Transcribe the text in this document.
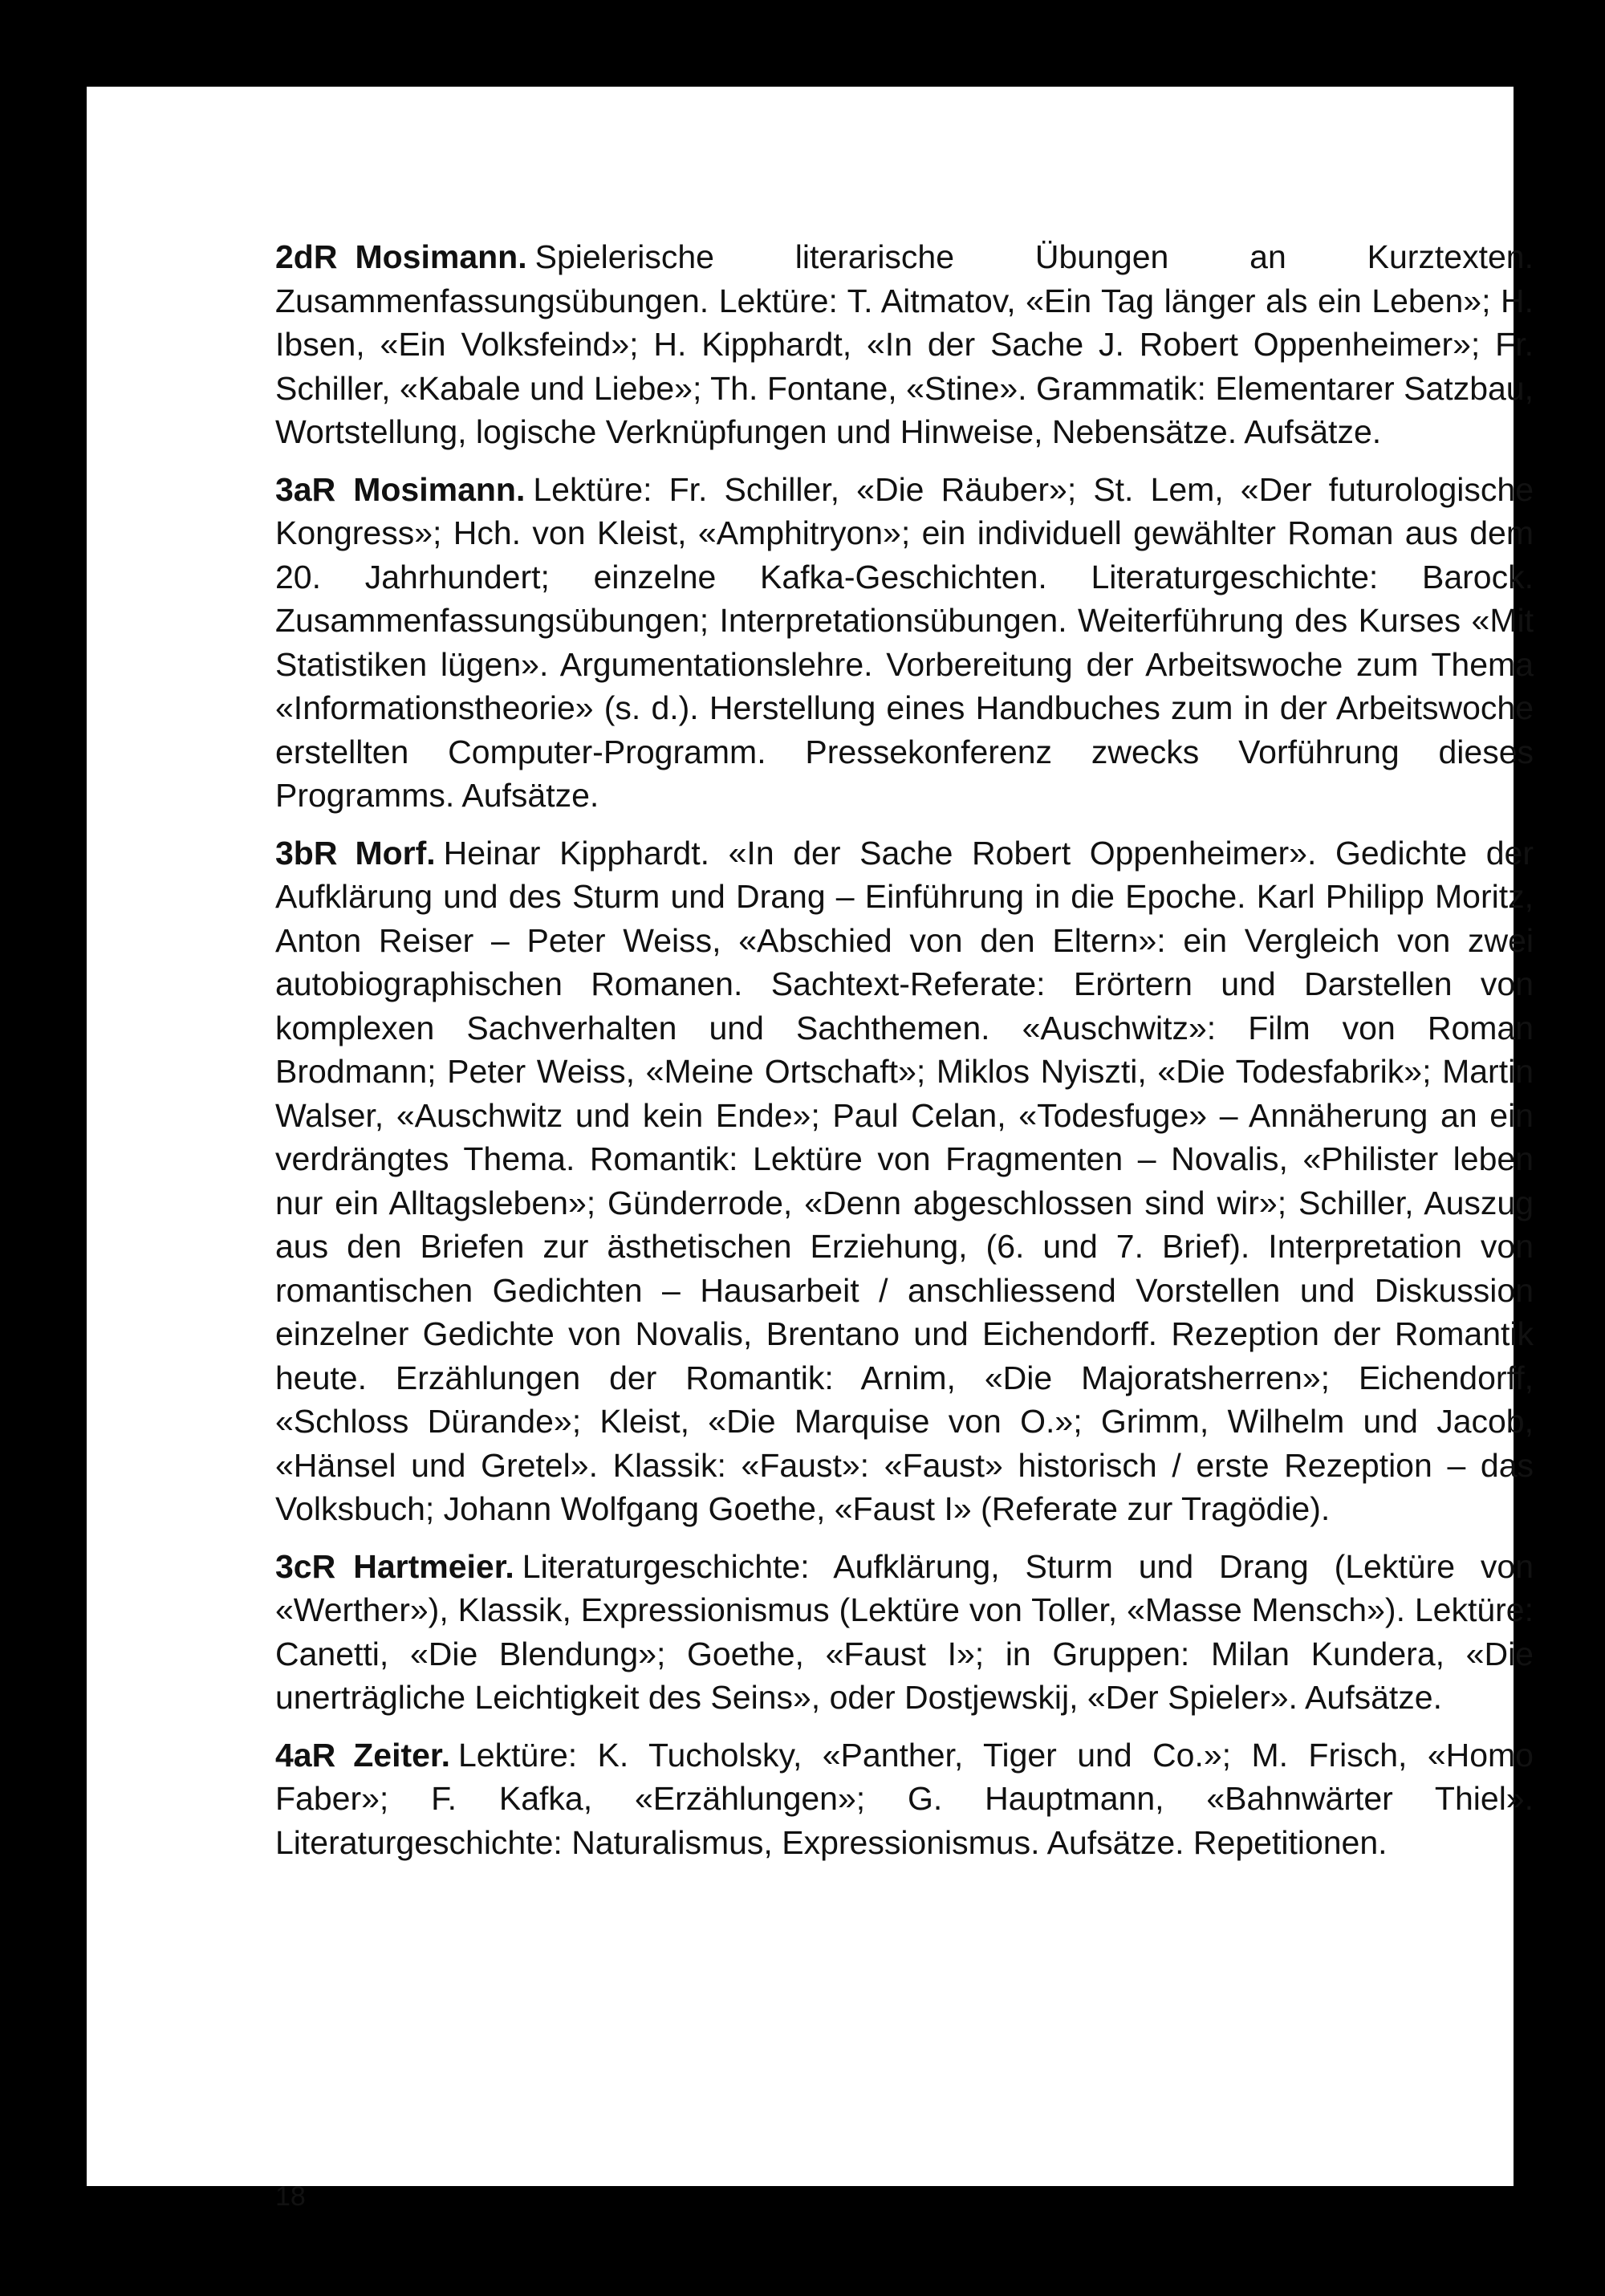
2dR Mosimann. Spielerische literarische Übungen an Kurztexten. Zusammenfassungsübungen. Lektüre: T. Aitmatov, «Ein Tag länger als ein Leben»; H. Ibsen, «Ein Volksfeind»; H. Kipphardt, «In der Sache J. Robert Oppenheimer»; Fr. Schiller, «Kabale und Liebe»; Th. Fontane, «Stine». Grammatik: Elementarer Satzbau, Wortstellung, logische Verknüpfungen und Hinweise, Nebensätze. Aufsätze.

3aR Mosimann. Lektüre: Fr. Schiller, «Die Räuber»; St. Lem, «Der futurologische Kongress»; Hch. von Kleist, «Amphitryon»; ein individuell gewählter Roman aus dem 20. Jahrhundert; einzelne Kafka-Geschichten. Literaturgeschichte: Barock. Zusammenfassungsübungen; Interpretationsübungen. Weiterführung des Kurses «Mit Statistiken lügen». Argumentationslehre. Vorbereitung der Arbeitswoche zum Thema «Informationstheorie» (s. d.). Herstellung eines Handbuches zum in der Arbeitswoche erstellten Computer-Programm. Pressekonferenz zwecks Vorführung dieses Programms. Aufsätze.

3bR Morf. Heinar Kipphardt. «In der Sache Robert Oppenheimer». Gedichte der Aufklärung und des Sturm und Drang – Einführung in die Epoche. Karl Philipp Moritz, Anton Reiser – Peter Weiss, «Abschied von den Eltern»: ein Vergleich von zwei autobiographischen Romanen. Sachtext-Referate: Erörtern und Darstellen von komplexen Sachverhalten und Sachthemen. «Auschwitz»: Film von Roman Brodmann; Peter Weiss, «Meine Ortschaft»; Miklos Nyiszti, «Die Todesfabrik»; Martin Walser, «Auschwitz und kein Ende»; Paul Celan, «Todesfuge» – Annäherung an ein verdrängtes Thema. Romantik: Lektüre von Fragmenten – Novalis, «Philister leben nur ein Alltagsleben»; Günderrode, «Denn abgeschlossen sind wir»; Schiller, Auszug aus den Briefen zur ästhetischen Erziehung, (6. und 7. Brief). Interpretation von romantischen Gedichten – Hausarbeit / anschliessend Vorstellen und Diskussion einzelner Gedichte von Novalis, Brentano und Eichendorff. Rezeption der Romantik heute. Erzählungen der Romantik: Arnim, «Die Majoratsherren»; Eichendorff, «Schloss Dürande»; Kleist, «Die Marquise von O.»; Grimm, Wilhelm und Jacob, «Hänsel und Gretel». Klassik: «Faust»: «Faust» historisch / erste Rezeption – das Volksbuch; Johann Wolfgang Goethe, «Faust I» (Referate zur Tragödie).

3cR Hartmeier. Literaturgeschichte: Aufklärung, Sturm und Drang (Lektüre von «Werther»), Klassik, Expressionismus (Lektüre von Toller, «Masse Mensch»). Lektüre: Canetti, «Die Blendung»; Goethe, «Faust I»; in Gruppen: Milan Kundera, «Die unerträgliche Leichtigkeit des Seins», oder Dostjewskij, «Der Spieler». Aufsätze.

4aR Zeiter. Lektüre: K. Tucholsky, «Panther, Tiger und Co.»; M. Frisch, «Homo Faber»; F. Kafka, «Erzählungen»; G. Hauptmann, «Bahnwärter Thiel». Literaturgeschichte: Naturalismus, Expressionismus. Aufsätze. Repetitionen.

18
